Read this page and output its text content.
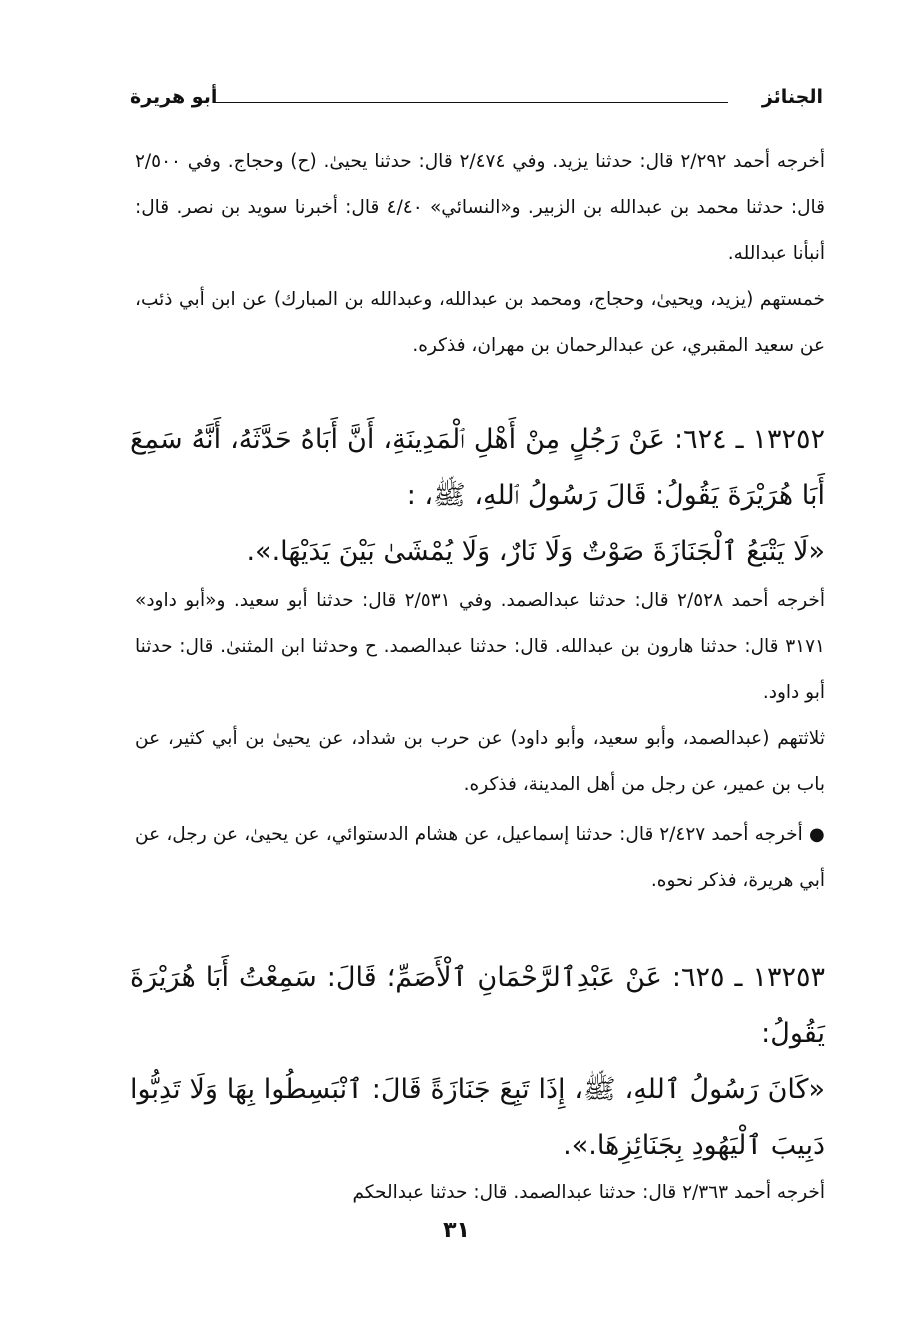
الجنائز
أبو هريرة

أخرجه أحمد ٢/٢٩٢ قال: حدثنا يزيد. وفي ٢/٤٧٤ قال: حدثنا يحيىٰ. (ح) وحجاج. وفي ٢/٥٠٠ قال: حدثنا محمد بن عبدالله بن الزبير. و«النسائي» ٤/٤٠ قال: أخبرنا سويد بن نصر. قال: أنبأنا عبدالله.

خمستهم (يزيد، ويحيىٰ، وحجاج، ومحمد بن عبدالله، وعبدالله بن المبارك) عن ابن أبي ذئب، عن سعيد المقبري، عن عبدالرحمان بن مهران، فذكره.

١٣٢٥٢ ـ ٦٢٤: عَنْ رَجُلٍ مِنْ أَهْلِ ٱلْمَدِينَةِ، أَنَّ أَبَاهُ حَدَّثَهُ، أَنَّهُ سَمِعَ أَبَا هُرَيْرَةَ يَقُولُ: قَالَ رَسُولُ ٱللهِ، ﷺ، :

«لَا يَتْبَعُ ٱلْجَنَازَةَ صَوْتٌ وَلَا نَارٌ، وَلَا يُمْشَىٰ بَيْنَ يَدَيْهَا.».

أخرجه أحمد ٢/٥٢٨ قال: حدثنا عبدالصمد. وفي ٢/٥٣١ قال: حدثنا أبو سعيد. و«أبو داود» ٣١٧١ قال: حدثنا هارون بن عبدالله. قال: حدثنا عبدالصمد. ح وحدثنا ابن المثنىٰ. قال: حدثنا أبو داود.

ثلاثتهم (عبدالصمد، وأبو سعيد، وأبو داود) عن حرب بن شداد، عن يحيىٰ بن أبي كثير، عن باب بن عمير، عن رجل من أهل المدينة، فذكره.

● أخرجه أحمد ٢/٤٢٧ قال: حدثنا إسماعيل، عن هشام الدستوائي، عن يحيىٰ، عن رجل، عن أبي هريرة، فذكر نحوه.

١٣٢٥٣ ـ ٦٢٥: عَنْ عَبْدِٱلرَّحْمَانِ ٱلْأَصَمِّ؛ قَالَ: سَمِعْتُ أَبَا هُرَيْرَةَ يَقُولُ:

«كَانَ رَسُولُ ٱللهِ، ﷺ، إِذَا تَبِعَ جَنَازَةً قَالَ: ٱنْبَسِطُوا بِهَا وَلَا تَدِبُّوا دَبِيبَ ٱلْيَهُودِ بِجَنَائِزِهَا.».

أخرجه أحمد ٢/٣٦٣ قال: حدثنا عبدالصمد. قال: حدثنا عبدالحكم

٣١
